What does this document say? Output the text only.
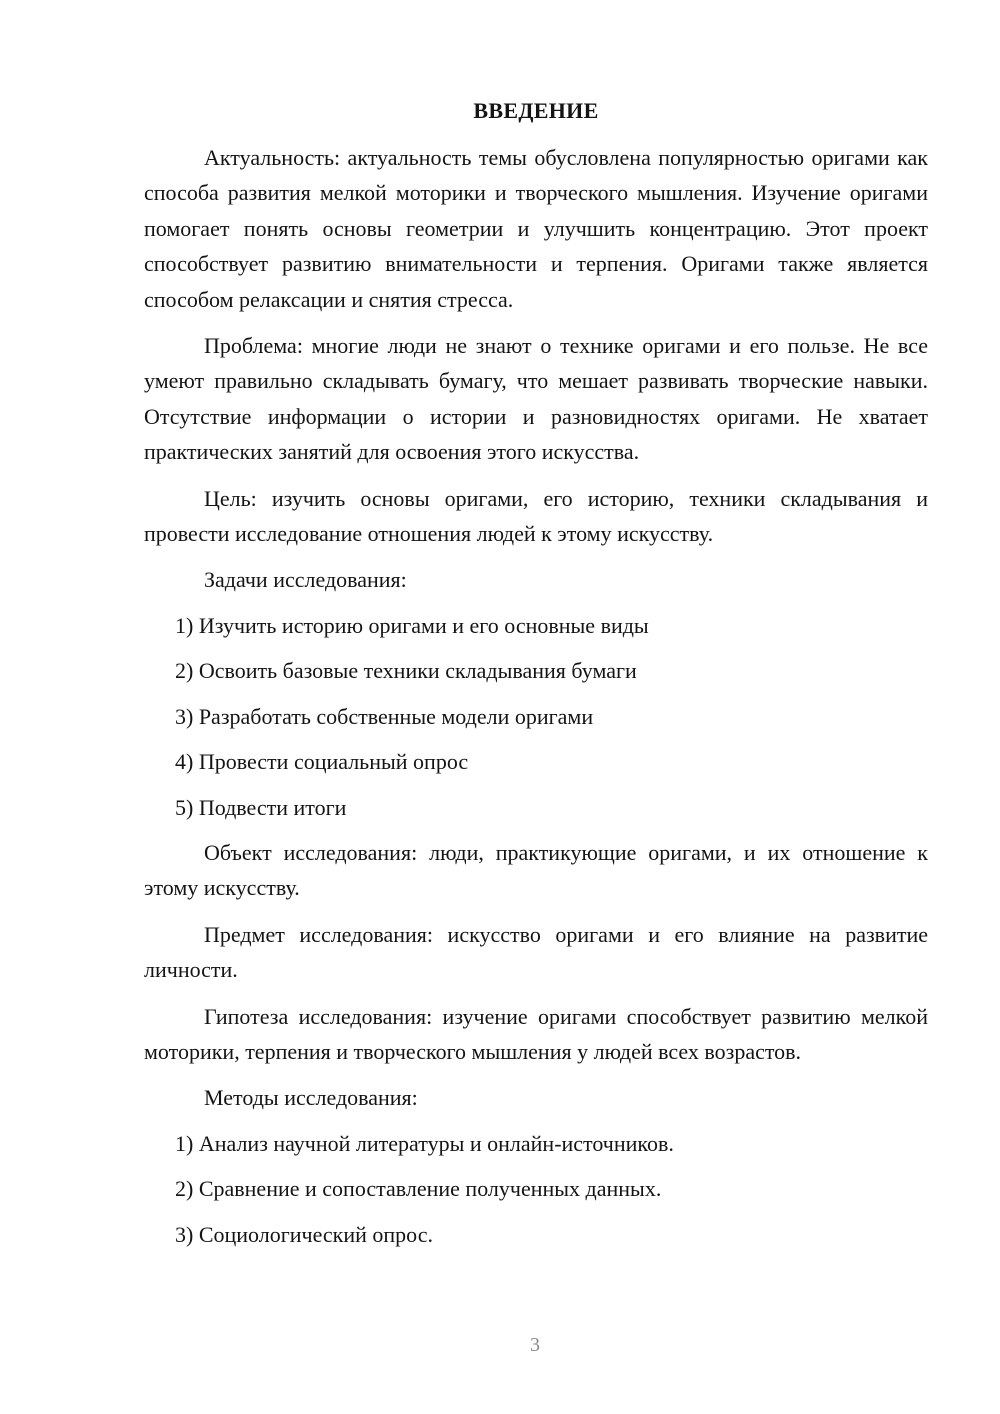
ВВЕДЕНИЕ

Актуальность: актуальность темы обусловлена популярностью оригами как способа развития мелкой моторики и творческого мышления. Изучение оригами помогает понять основы геометрии и улучшить концентрацию. Этот проект способствует развитию внимательности и терпения. Оригами также является способом релаксации и снятия стресса.

Проблема: многие люди не знают о технике оригами и его пользе. Не все умеют правильно складывать бумагу, что мешает развивать творческие навыки. Отсутствие информации о истории и разновидностях оригами. Не хватает практических занятий для освоения этого искусства.

Цель: изучить основы оригами, его историю, техники складывания и провести исследование отношения людей к этому искусству.

Задачи исследования:

1) Изучить историю оригами и его основные виды
2) Освоить базовые техники складывания бумаги
3) Разработать собственные модели оригами
4) Провести социальный опрос
5) Подвести итоги

Объект исследования: люди, практикующие оригами, и их отношение к этому искусству.

Предмет исследования: искусство оригами и его влияние на развитие личности.

Гипотеза исследования: изучение оригами способствует развитию мелкой моторики, терпения и творческого мышления у людей всех возрастов.

Методы исследования:

1) Анализ научной литературы и онлайн-источников.
2) Сравнение и сопоставление полученных данных.
3) Социологический опрос.
3
